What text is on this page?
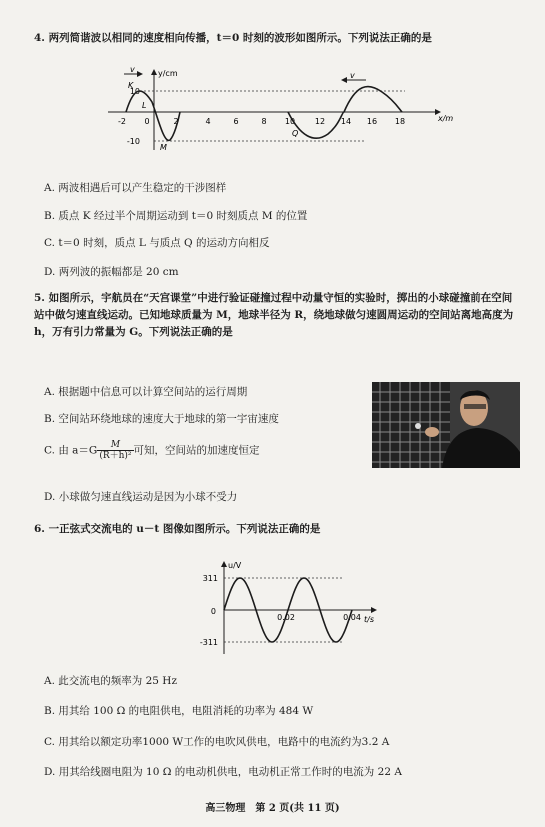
4. 两列简谐波以相同的速度相向传播，t＝0 时刻的波形如图所示。下列说法正确的是
y/cm
x/m
10
-10
-2 0	4	6	8 10 12	16 18
2	14
v
v
K
L
M
Q
A. 两波相遇后可以产生稳定的干涉图样
B. 质点 K 经过半个周期运动到 t＝0 时刻质点 M 的位置
C. t＝0 时刻，质点 L 与质点 Q 的运动方向相反
D. 两列波的振幅都是 20 cm
5. 如图所示，宇航员在“天宫课堂”中进行验证碰撞过程中动量守恒的实验时，掷出的小球碰撞前在空间站中做匀速直线运动。已知地球质量为 M，地球半径为 R，绕地球做匀速圆周运动的空间站离地高度为 h，万有引力常量为 G。下列说法正确的是
A. 根据题中信息可以计算空间站的运行周期
B. 空间站环绕地球的速度大于地球的第一宇宙速度
C. 由 $a=G \frac{M}{\text{(R＋h)²}}$ 可知，空间站的加速度恒定
D. 小球做匀速直线运动是因为小球不受力
6. 一正弦式交流电的 u－t 图像如图所示。下列说法正确的是
u/V
t/s
311
0
-311
0.02	0.04
A. 此交流电的频率为 25 Hz
B. 用其给 100 Ω 的电阻供电，电阻消耗的功率为 484 W
C. 用其给以额定功率1000 W工作的电吹风供电，电路中的电流约为3.2 A
D. 用其给线圈电阻为 10 Ω 的电动机供电，电动机正常工作时的电流为 22 A
高三物理　第 2 页(共 11 页)
